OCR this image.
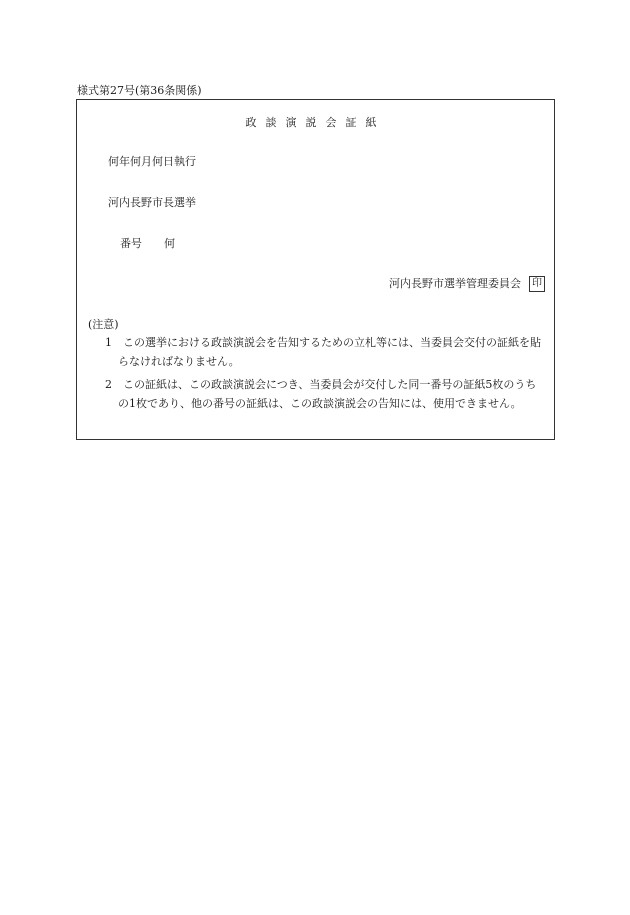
様式第27号(第36条関係)
政談演説会証紙
何年何月何日執行
河内長野市長選挙
番号 何
河内長野市選挙管理委員会	印
(注意)
1	この選挙における政談演説会を告知するための立札等には、当委員会交付の証紙を貼らなければなりません。
2	この証紙は、この政談演説会につき、当委員会が交付した同一番号の証紙5枚のうちの1枚であり、他の番号の証紙は、この政談演説会の告知には、使用できません。
